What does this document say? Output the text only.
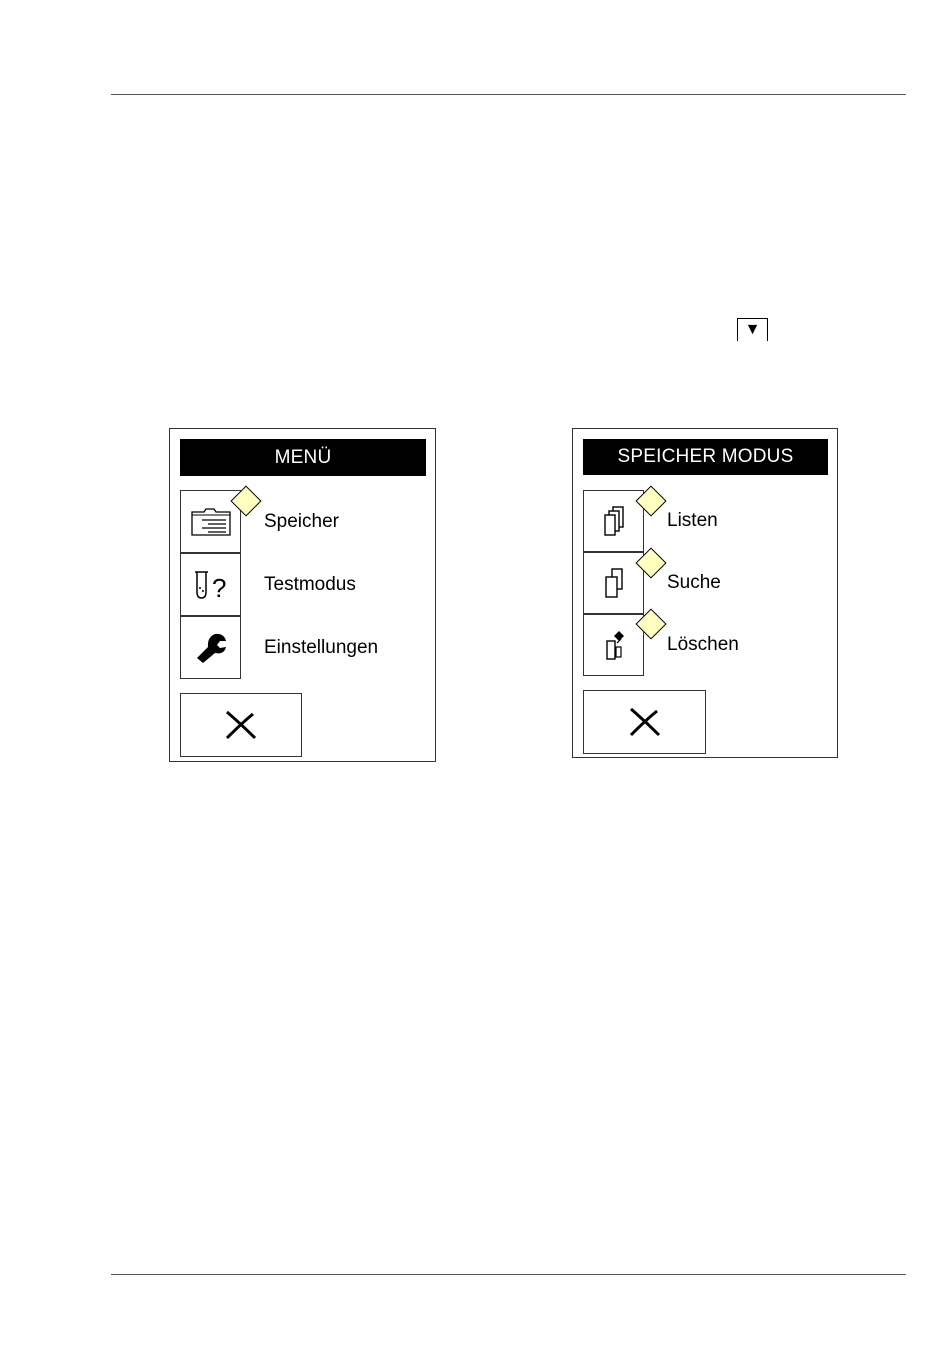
▼
MENÜ
Speicher
? Testmodus
Einstellungen
SPEICHER MODUS
Listen
Suche
Löschen
